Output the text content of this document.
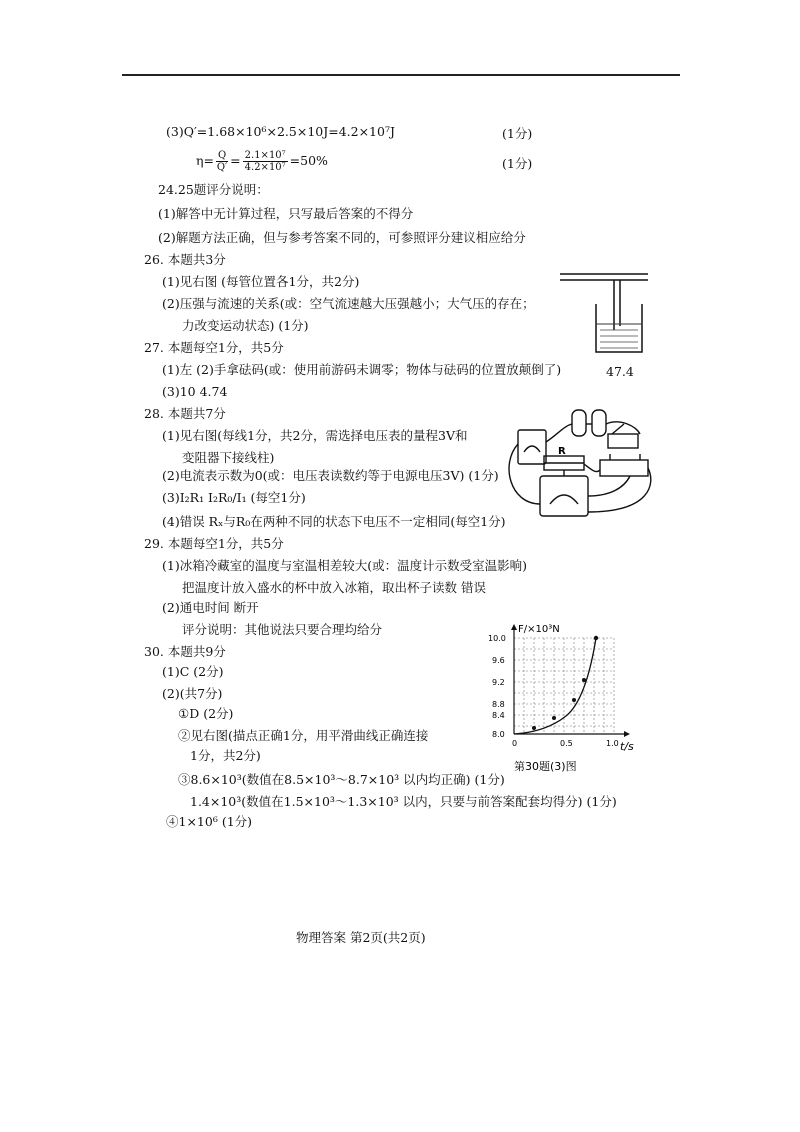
(3)Q′=1.68×10⁶×2.5×10J=4.2×10⁷J	(1分)
$\eta= \frac{Q}{Q'} = \frac{\text{2.1×10⁷}}{\text{4.2×10⁷}} =50\%$	(1分)
24.25题评分说明：
(1)解答中无计算过程，只写最后答案的不得分
(2)解题方法正确，但与参考答案不同的，可参照评分建议相应给分
26. 本题共3分
(1)见右图 (每管位置各1分，共2分)
(2)压强与流速的关系(或：空气流速越大压强越小；大气压的存在；
力改变运动状态) (1分)
27. 本题每空1分，共5分
(1)左 (2)手拿砝码(或：使用前游码未调零；物体与砝码的位置放颠倒了)	47.4
(3)10 4.74
28. 本题共7分
(1)见右图(每线1分，共2分，需选择电压表的量程3V和
变阻器下接线柱)
(2)电流表示数为0(或：电压表读数约等于电源电压3V) (1分)
(3)I₂R₁ I₂R₀/I₁ (每空1分)
(4)错误 Rₓ与R₀在两种不同的状态下电压不一定相同(每空1分)
R
29. 本题每空1分，共5分
(1)冰箱冷藏室的温度与室温相差较大(或：温度计示数受室温影响)
把温度计放入盛水的杯中放入冰箱，取出杯子读数 错误
(2)通电时间 断开
评分说明：其他说法只要合理均给分
30. 本题共9分
(1)C (2分)
(2)(共7分)
①D (2分)
②见右图(描点正确1分，用平滑曲线正确连接
1分，共2分)
③8.6×10³(数值在8.5×10³～8.7×10³ 以内均正确) (1分)
1.4×10³(数值在1.5×10³～1.3×10³ 以内，只要与前答案配套均得分) (1分)
④1×10⁶ (1分)
F/×10³N
10.0
9.6
9.2
8.8
8.4
8.0
0	0.5	1.0 t/s
第30题(3)图
物理答案 第2页(共2页)
